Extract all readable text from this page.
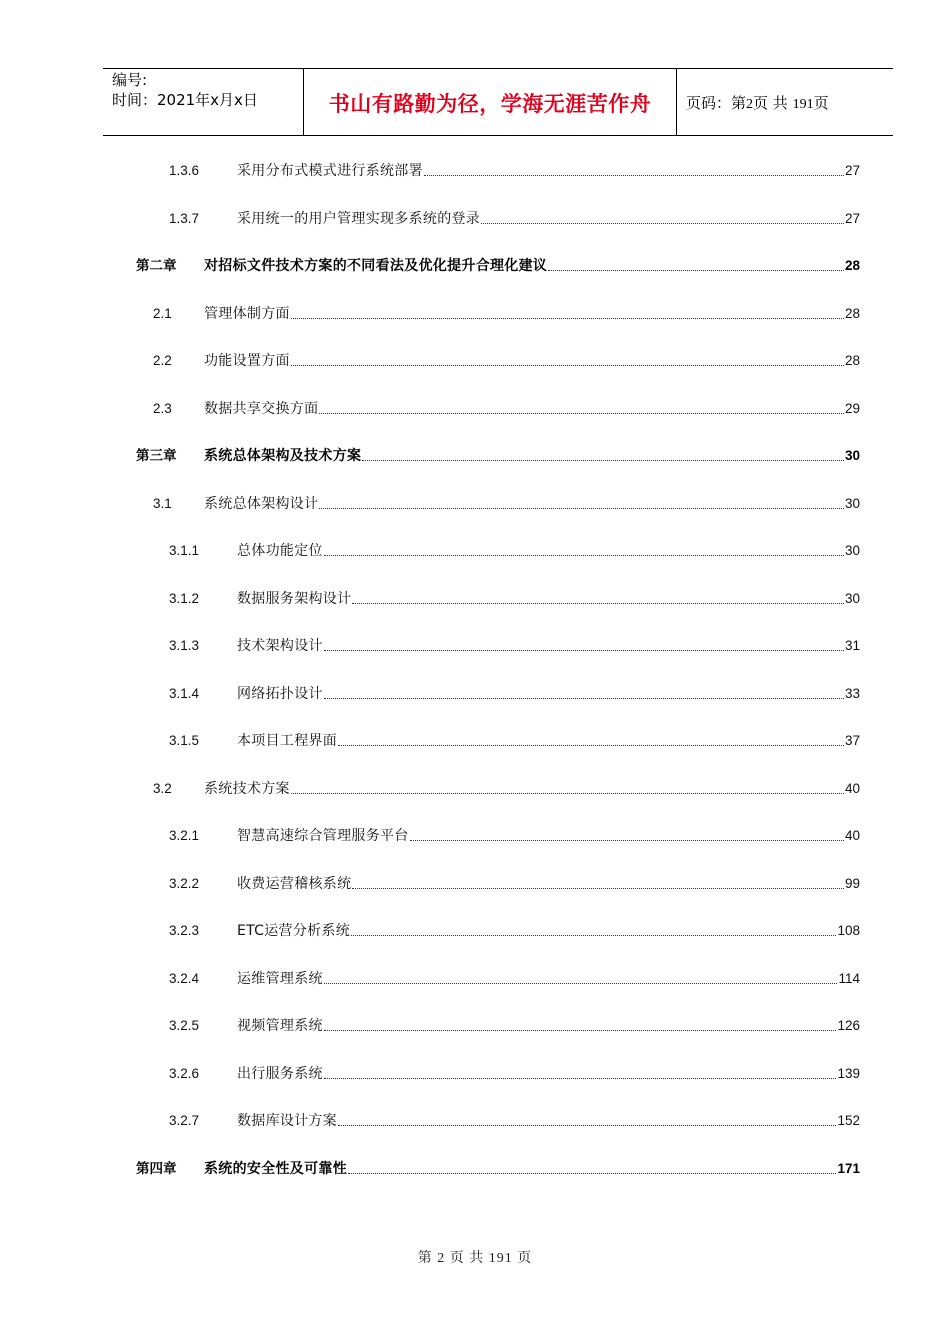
编号:
时间：2021年x月x日	书山有路勤为径，学海无涯苦作舟	页码：第2页 共 191页
1.3.6	采用分布式模式进行系统部署	27
1.3.7	采用统一的用户管理实现多系统的登录	27
第二章	对招标文件技术方案的不同看法及优化提升合理化建议	28
2.1	管理体制方面	28
2.2	功能设置方面	28
2.3	数据共享交换方面	29
第三章	系统总体架构及技术方案	30
3.1	系统总体架构设计	30
3.1.1	总体功能定位	30
3.1.2	数据服务架构设计	30
3.1.3	技术架构设计	31
3.1.4	网络拓扑设计	33
3.1.5	本项目工程界面	37
3.2	系统技术方案	40
3.2.1	智慧高速综合管理服务平台	40
3.2.2	收费运营稽核系统	99
3.2.3	ETC运营分析系统	108
3.2.4	运维管理系统	114
3.2.5	视频管理系统	126
3.2.6	出行服务系统	139
3.2.7	数据库设计方案	152
第四章	系统的安全性及可靠性	171
第 2 页 共 191 页
